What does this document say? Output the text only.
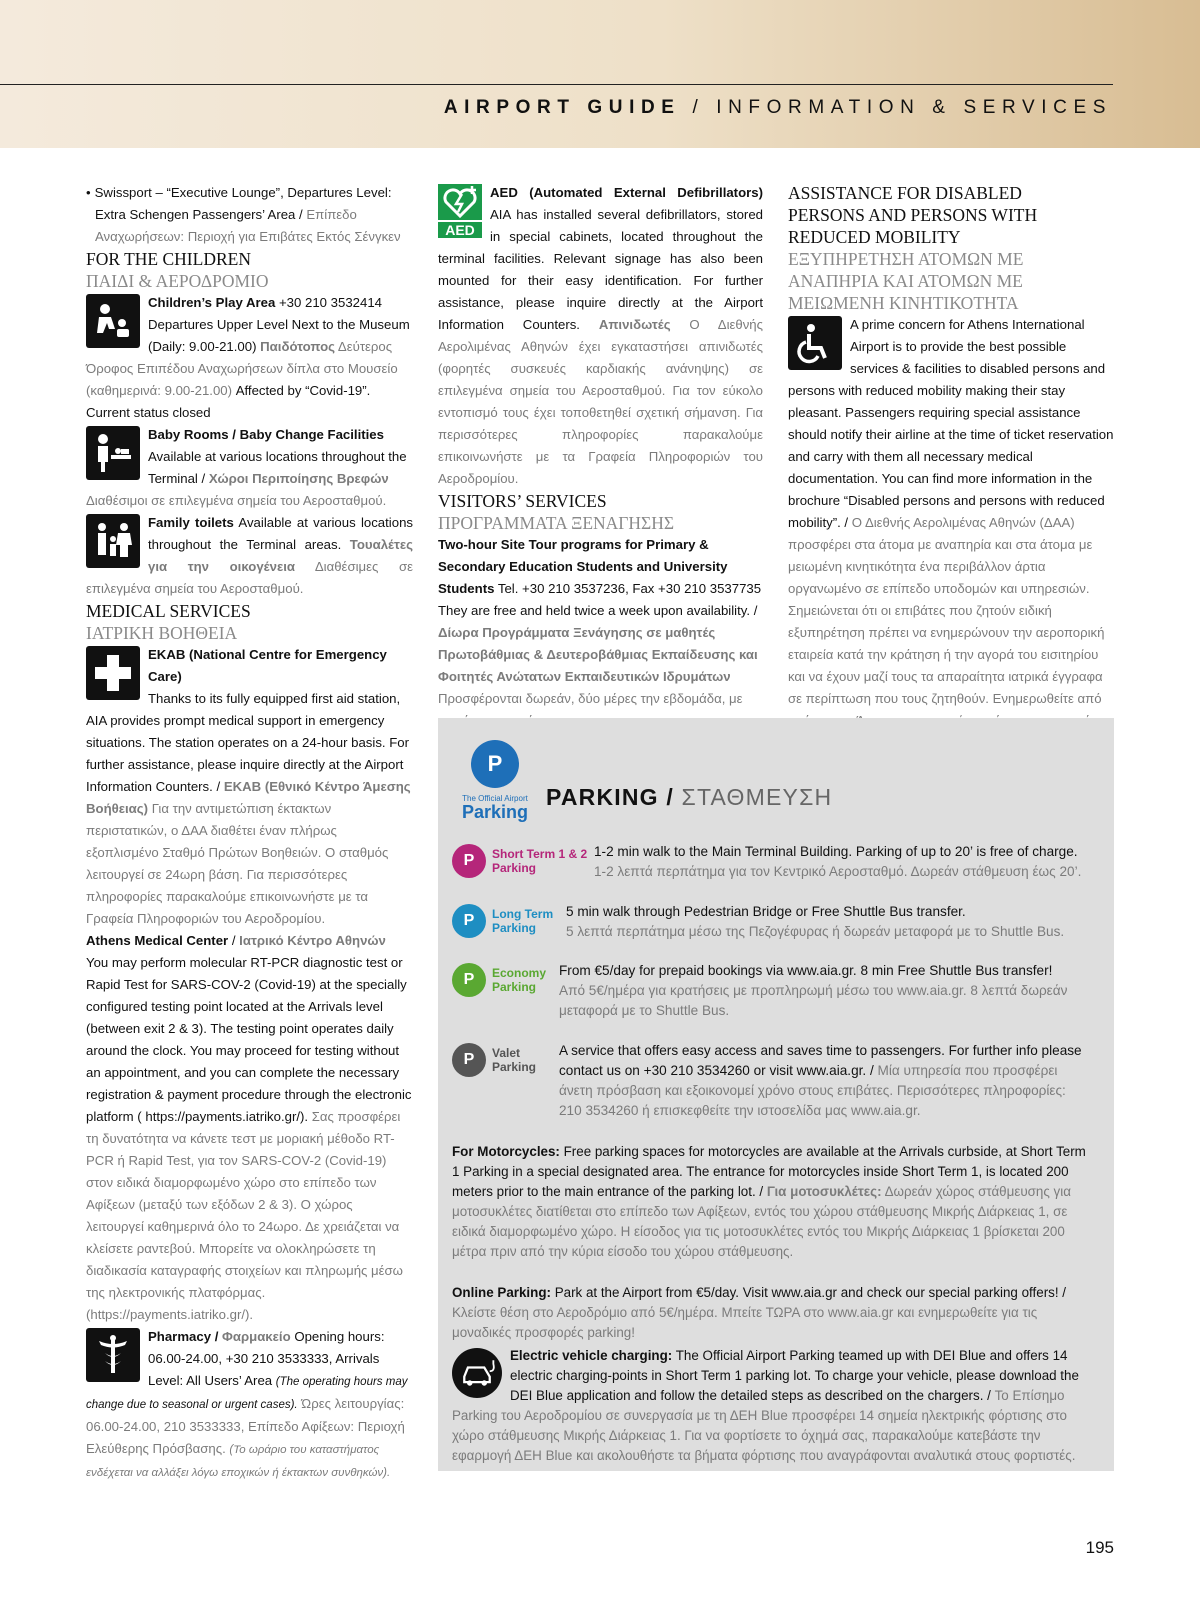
AIRPORT GUIDE / INFORMATION & SERVICES

• Swissport – “Executive Lounge”, Departures Level: Extra Schengen Passengers’ Area / Επίπεδο Αναχωρήσεων: Περιοχή για Επιβάτες Εκτός Σένγκεν

FOR THE CHILDREN

ΠΑΙΔΙ & ΑΕΡΟΔΡΟΜΙΟ

Children’s Play Area +30 210 3532414 Departures Upper Level Next to the Museum (Daily: 9.00-21.00) Παιδότοπος Δεύτερος Όροφος Επιπέδου Αναχωρήσεων δίπλα στο Μουσείο (καθημερινά: 9.00-21.00) Affected by “Covid-19”. Current status closed

Baby Rooms / Baby Change Facilities
Available at various locations throughout the Terminal / Χώροι Περιποίησης Βρεφών Διαθέσιμοι σε επιλεγμένα σημεία του Αεροσταθμού.

Family toilets Available at various locations throughout the Terminal areas. Τουαλέτες για την οικογένεια Διαθέσιμες σε επιλεγμένα σημεία του Αεροσταθμού.

MEDICAL SERVICES

ΙΑΤΡΙΚΗ ΒΟΗΘΕΙΑ

EKAB (National Centre for Emergency Care)
Thanks to its fully equipped first aid station, AIA provides prompt medical support in emergency situations. The station operates on a 24-hour basis. For further assistance, please inquire directly at the Airport Information Counters. / ΕΚΑΒ (Εθνικό Κέντρο Άμεσης Βοήθειας) Για την αντιμετώπιση έκτακτων περιστατικών, ο ΔΑΑ διαθέτει έναν πλήρως εξοπλισμένο Σταθμό Πρώτων Βοηθειών. Ο σταθμός λειτουργεί σε 24ωρη βάση. Για περισσότερες πληροφορίες παρακαλούμε επικοινωνήστε με τα Γραφεία Πληροφοριών του Αεροδρομίου.

Athens Medical Center / Ιατρικό Κέντρο Αθηνών
You may perform molecular RT-PCR diagnostic test or Rapid Test for SARS-COV-2 (Covid-19) at the specially configured testing point located at the Arrivals level (between exit 2 & 3). The testing point operates daily around the clock. You may proceed for testing without an appointment, and you can complete the necessary registration & payment procedure through the electronic platform ( https://payments.iatriko.gr/). Σας προσφέρει τη δυνατότητα να κάνετε τεστ με μοριακή μέθοδο RT- PCR ή Rapid Test, για τον SARS-COV-2 (Covid-19) στον ειδικά διαμορφωμένο χώρο στο επίπεδο των Αφίξεων (μεταξύ των εξόδων 2 & 3). Ο χώρος λειτουργεί καθημερινά όλο το 24ωρο. Δε χρειάζεται να κλείσετε ραντεβού. Μπορείτε να ολοκληρώσετε τη διαδικασία καταγραφής στοιχείων και πληρωμής μέσω της ηλεκτρονικής πλατφόρμας. (https://payments.iatriko.gr/).

Pharmacy / Φαρμακείο Opening hours: 06.00-24.00, +30 210 3533333, Arrivals Level: All Users’ Area (The operating hours may change due to seasonal or urgent cases). Ώρες λειτουργίας: 06.00-24.00, 210 3533333, Επίπεδο Αφίξεων: Περιοχή Ελεύθερης Πρόσβασης. (Το ωράριο του καταστήματος ενδέχεται να αλλάξει λόγω εποχικών ή έκτακτων συνθηκών).

AED
AED (Automated External Defibrillators) AIA has installed several defibrillators, stored in special cabinets, located throughout the terminal facilities. Relevant signage has also been mounted for their easy identification. For further assistance, please inquire directly at the Airport Information Counters. Απινιδωτές Ο Διεθνής Αερολιμένας Αθηνών έχει εγκαταστήσει απινιδωτές (φορητές συσκευές καρδιακής ανάνηψης) σε επιλεγμένα σημεία του Αεροσταθμού. Για τον εύκολο εντοπισμό τους έχει τοποθετηθεί σχετική σήμανση. Για περισσότερες πληροφορίες παρακαλούμε επικοινωνήστε με τα Γραφεία Πληροφοριών του Αεροδρομίου.

VISITORS’ SERVICES

ΠΡΟΓΡΑΜΜΑΤΑ ΞΕΝΑΓΗΣΗΣ

Two-hour Site Tour programs for Primary & Secondary Education Students and University Students Tel. +30 210 3537236, Fax +30 210 3537735 They are free and held twice a week upon availability. / Δίωρα Προγράμματα Ξενάγησης σε μαθητές Πρωτοβάθμιας & Δευτεροβάθμιας Εκπαίδευσης και Φοιτητές Ανώτατων Εκπαιδευτικών Ιδρυμάτων Προσφέρονται δωρεάν, δύο μέρες την εβδομάδα, με

ASSISTANCE FOR DISABLED PERSONS AND PERSONS WITH REDUCED MOBILITY

ΕΞΥΠΗΡΕΤΗΣΗ ΑΤΟΜΩΝ ΜΕ ΑΝΑΠΗΡΙΑ ΚΑΙ ΑΤΟΜΩΝ ΜΕ ΜΕΙΩΜΕΝΗ ΚΙΝΗΤΙΚΟΤΗΤΑ

A prime concern for Athens International Airport is to provide the best possible services & facilities to disabled persons and persons with reduced mobility making their stay pleasant. Passengers requiring special assistance should notify their airline at the time of ticket reservation and carry with them all necessary medical documentation. You can find more information in the brochure “Disabled persons and persons with reduced mobility”. / Ο Διεθνής Αερολιμένας Αθηνών (ΔΑΑ) προσφέρει στα άτομα με αναπηρία και στα άτομα με μειωμένη κινητικότητα ένα περιβάλλον άρτια οργανωμένο σε επίπεδο υποδομών και υπηρεσιών. Σημειώνεται ότι οι επιβάτες που ζητούν ειδική εξυπηρέτηση πρέπει να ενημερώνουν την αεροπορική εταιρεία κατά την κράτηση ή την αγορά του εισιτηρίου και να έχουν μαζί τους τα απαραίτητα ιατρικά έγγραφα σε περίπτωση που τους ζητηθούν. Ενημερωθείτε από

P
The Official Airport
Parking
PARKING / ΣΤΑΘΜΕΥΣΗ
P	Short Term 1 & 2
Parking
1-2 min walk to the Main Terminal Building. Parking of up to 20’ is free of charge.
1-2 λεπτά περπάτημα για τον Κεντρικό Αεροσταθμό. Δωρεάν στάθμευση έως 20’.
P	Long Term
Parking
5 min walk through Pedestrian Bridge or Free Shuttle Bus transfer.
5 λεπτά περπάτημα μέσω της Πεζογέφυρας ή δωρεάν μεταφορά με το Shuttle Bus.
P	Economy
Parking
From €5/day for prepaid bookings via www.aia.gr. 8 min Free Shuttle Bus transfer!
Από 5€/ημέρα για κρατήσεις με προπληρωμή μέσω του www.aia.gr. 8 λεπτά δωρεάν μεταφορά με το Shuttle Bus.
P	Valet
Parking
A service that offers easy access and saves time to passengers. For further info please contact us on +30 210 3534260 or visit www.aia.gr. / Μία υπηρεσία που προσφέρει άνετη πρόσβαση και εξοικονομεί χρόνο στους επιβάτες. Περισσότερες πληροφορίες: 210 3534260 ή επισκεφθείτε την ιστοσελίδα μας www.aia.gr.

For Motorcycles: Free parking spaces for motorcycles are available at the Arrivals curbside, at Short Term 1 Parking in a special designated area. The entrance for motorcycles inside Short Term 1, is located 200 meters prior to the main entrance of the parking lot. / Για μοτοσυκλέτες: Δωρεάν χώρος στάθμευσης για μοτοσυκλέτες διατίθεται στο επίπεδο των Αφίξεων, εντός του χώρου στάθμευσης Μικρής Διάρκειας 1, σε ειδικά διαμορφωμένο χώρο. Η είσοδος για τις μοτοσυκλέτες εντός του Μικρής Διάρκειας 1 βρίσκεται 200 μέτρα πριν από την κύρια είσοδο του χώρου στάθμευσης.

Online Parking: Park at the Airport from €5/day. Visit www.aia.gr and check our special parking offers! / Κλείστε θέση στο Αεροδρόμιο από 5€/ημέρα. Μπείτε ΤΩΡΑ στο www.aia.gr και ενημερωθείτε για τις μοναδικές προσφορές parking!

Electric vehicle charging: The Official Airport Parking teamed up with DEI Blue and offers 14 electric charging-points in Short Term 1 parking lot. To charge your vehicle, please download the DEI Blue application and follow the detailed steps as described on the chargers. / Το Επίσημο Parking του Αεροδρομίου σε συνεργασία με τη ΔΕΗ Blue προσφέρει 14 σημεία ηλεκτρικής φόρτισης στο χώρο στάθμευσης Μικρής Διάρκειας 1. Για να φορτίσετε το όχημά σας, παρακαλούμε κατεβάστε την εφαρμογή ΔΕΗ Blue και ακολουθήστε τα βήματα φόρτισης που αναγράφονται αναλυτικά στους φορτιστές.

195
